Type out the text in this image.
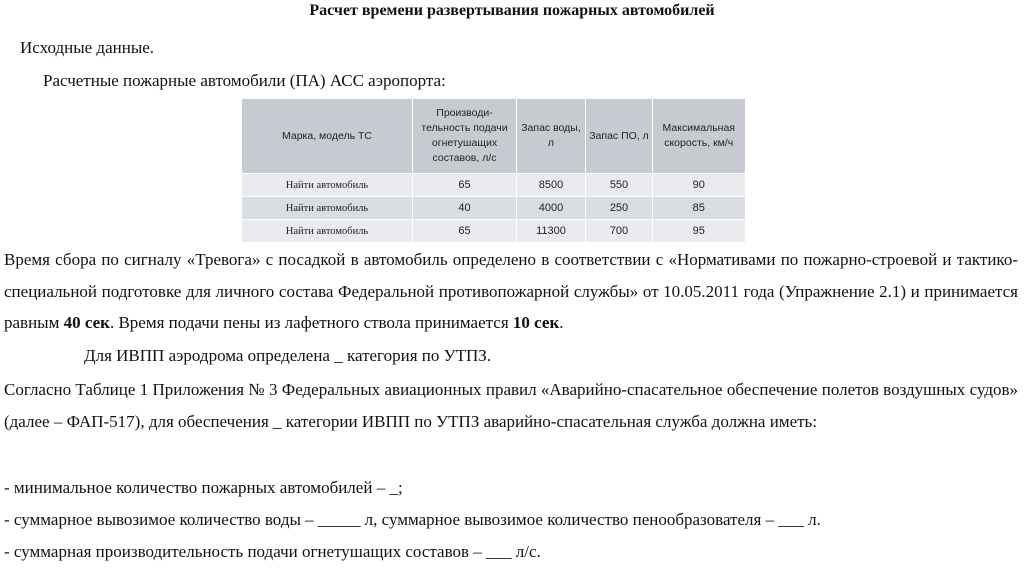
Расчет времени развертывания пожарных автомобилей
Исходные данные.
Расчетные пожарные автомобили (ПА) АСС аэропорта:
Марка, модель ТС	Производи-тельность подачи огнетушащих составов, л/с	Запас воды, л	Запас ПО, л	Максимальная скорость, км/ч
Найти автомобиль	65	8500	550	90
Найти автомобиль	40	4000	250	85
Найти автомобиль	65	11300	700	95
Время сбора по сигналу «Тревога» с посадкой в автомобиль определено в соответствии с «Нормативами по пожарно-строевой и тактико-специальной подготовке для личного состава Федеральной противопожарной службы» от 10.05.2011 года (Упражнение 2.1) и принимается равным 40 сек. Время подачи пены из лафетного ствола принимается 10 сек.
Для ИВПП аэродрома определена _ категория по УТПЗ.
Согласно Таблице 1 Приложения № 3 Федеральных авиационных правил «Аварийно-спасательное обеспечение полетов воздушных судов» (далее – ФАП-517), для обеспечения _ категории ИВПП по УТПЗ аварийно-спасательная служба должна иметь:
- минимальное количество пожарных автомобилей – _;
- суммарное вывозимое количество воды – _____ л, суммарное вывозимое количество пенообразователя – ___ л.
- суммарная производительность подачи огнетушащих составов – ___ л/с.
